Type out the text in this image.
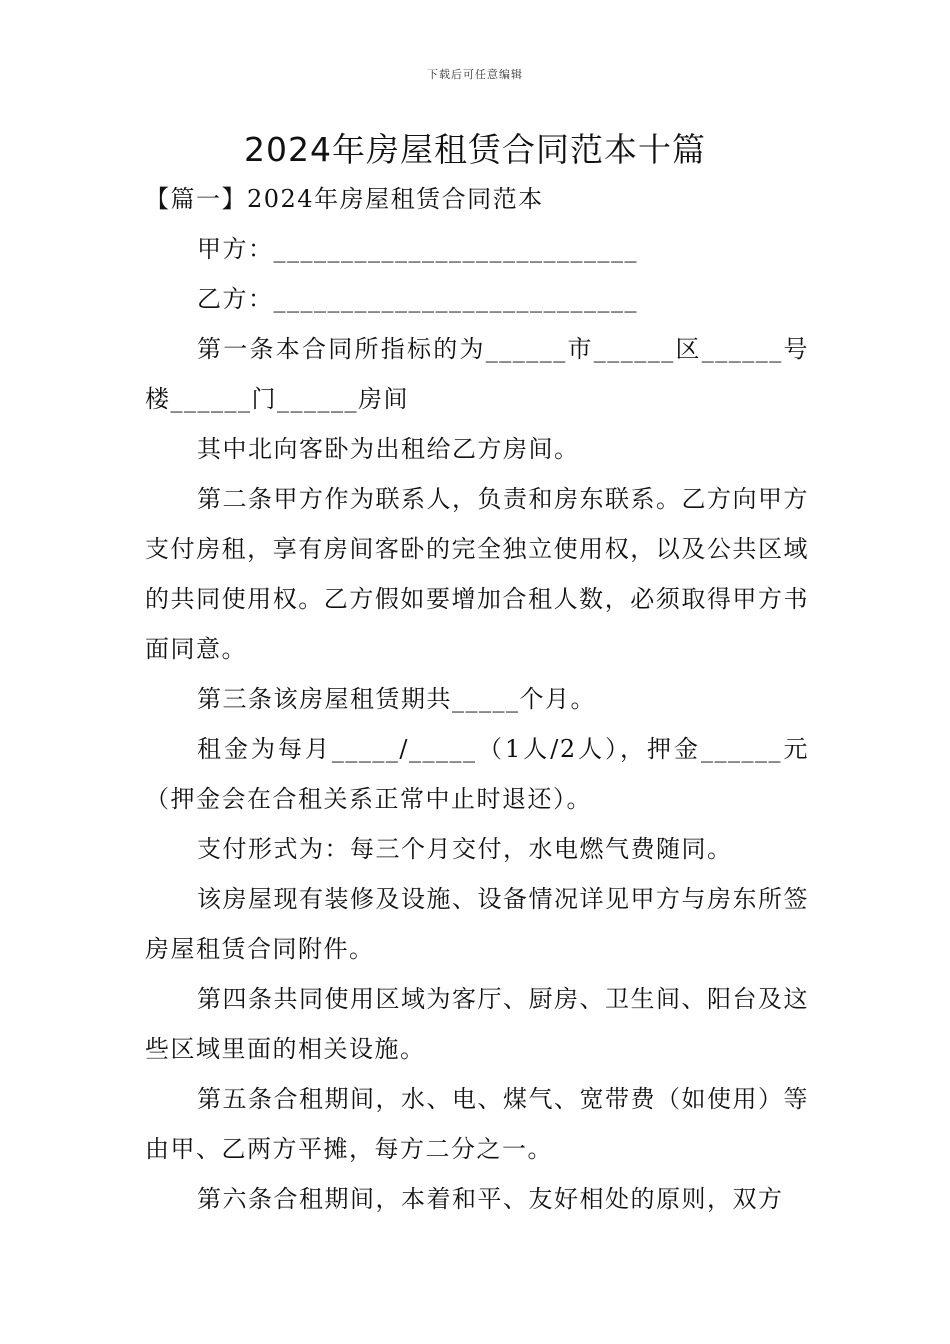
下载后可任意编辑
2024年房屋租赁合同范本十篇

【篇一】2024年房屋租赁合同范本

甲方：___________________________

乙方：___________________________

第一条本合同所指标的为______市______区______号楼______门______房间

其中北向客卧为出租给乙方房间。

第二条甲方作为联系人，负责和房东联系。乙方向甲方支付房租，享有房间客卧的完全独立使用权，以及公共区域的共同使用权。乙方假如要增加合租人数，必须取得甲方书面同意。

第三条该房屋租赁期共_____个月。

租金为每月_____/_____（1人/2人），押金______元（押金会在合租关系正常中止时退还）。

支付形式为：每三个月交付，水电燃气费随同。

该房屋现有装修及设施、设备情况详见甲方与房东所签房屋租赁合同附件。

第四条共同使用区域为客厅、厨房、卫生间、阳台及这些区域里面的相关设施。

第五条合租期间，水、电、煤气、宽带费（如使用）等由甲、乙两方平摊，每方二分之一。

第六条合租期间，本着和平、友好相处的原则，双方
